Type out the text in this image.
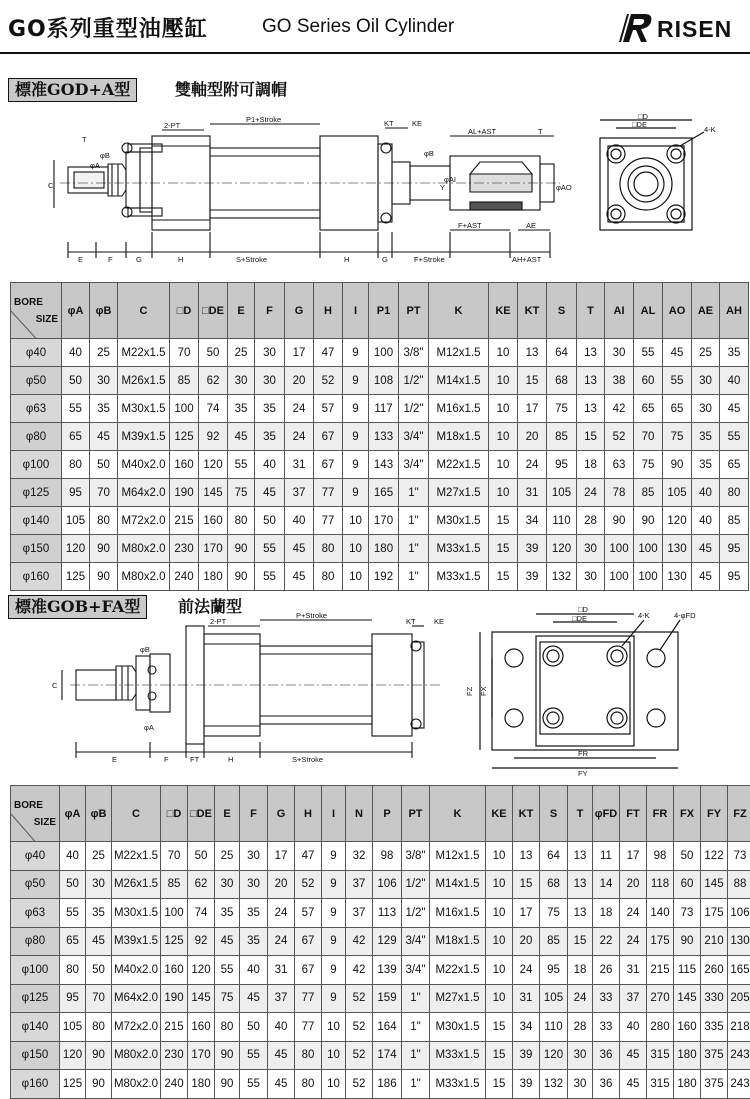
GO系列重型油壓缸	GO Series Oil Cylinder	RISEN
標准GOD+A型	雙軸型附可調帽
2-PT
P1+Stroke	KT KE
T
φB
φA
C	Y
φB
φAI
AL+AST	T
F+AST	AE
φAO
E	F	G	H	S+Stroke	H	G	F+Stroke	AH+AST
□D
□DE
4-K
SIZE
BORE	φA	φB	C	□D	□DE	E	F	G	H	I	P1	PT	K	KE	KT	S	T	AI	AL	AO	AE	AH
φ40	40	25	M22x1.5	70	50	25	30	17	47	9	100	3/8"	M12x1.5	10	13	64	13	30	55	45	25	35
φ50	50	30	M26x1.5	85	62	30	30	20	52	9	108	1/2"	M14x1.5	10	15	68	13	38	60	55	30	40
φ63	55	35	M30x1.5	100	74	35	35	24	57	9	117	1/2"	M16x1.5	10	17	75	13	42	65	65	30	45
φ80	65	45	M39x1.5	125	92	45	35	24	67	9	133	3/4"	M18x1.5	10	20	85	15	52	70	75	35	55
φ100	80	50	M40x2.0	160	120	55	40	31	67	9	143	3/4"	M22x1.5	10	24	95	18	63	75	90	35	65
φ125	95	70	M64x2.0	190	145	75	45	37	77	9	165	1"	M27x1.5	10	31	105	24	78	85	105	40	80
φ140	105	80	M72x2.0	215	160	80	50	40	77	10	170	1"	M30x1.5	15	34	110	28	90	90	120	40	85
φ150	120	90	M80x2.0	230	170	90	55	45	80	10	180	1"	M33x1.5	15	39	120	30	100	100	130	45	95
φ160	125	90	M80x2.0	240	180	90	55	45	80	10	192	1"	M33x1.5	15	39	132	30	100	100	130	45	95
標准GOB+FA型	前法蘭型
2-PT
P+Stroke
KT KE
φB
φA
C
E	F	FT	H	S+Stroke
□D
□DE	4-K	4-φFD
FZ FX
FR
FY
SIZE
BORE	φA	φB	C	□D	□DE	E	F	G	H	I	N	P	PT	K	KE	KT	S	T	φFD	FT	FR	FX	FY	FZ
φ40	40	25	M22x1.5	70	50	25	30	17	47	9	32	98	3/8"	M12x1.5	10	13	64	13	11	17	98	50	122	73
φ50	50	30	M26x1.5	85	62	30	30	20	52	9	37	106	1/2"	M14x1.5	10	15	68	13	14	20	118	60	145	88
φ63	55	35	M30x1.5	100	74	35	35	24	57	9	37	113	1/2"	M16x1.5	10	17	75	13	18	24	140	73	175	106
φ80	65	45	M39x1.5	125	92	45	35	24	67	9	42	129	3/4"	M18x1.5	10	20	85	15	22	24	175	90	210	130
φ100	80	50	M40x2.0	160	120	55	40	31	67	9	42	139	3/4"	M22x1.5	10	24	95	18	26	31	215	115	260	165
φ125	95	70	M64x2.0	190	145	75	45	37	77	9	52	159	1"	M27x1.5	10	31	105	24	33	37	270	145	330	205
φ140	105	80	M72x2.0	215	160	80	50	40	77	10	52	164	1"	M30x1.5	15	34	110	28	33	40	280	160	335	218
φ150	120	90	M80x2.0	230	170	90	55	45	80	10	52	174	1"	M33x1.5	15	39	120	30	36	45	315	180	375	243
φ160	125	90	M80x2.0	240	180	90	55	45	80	10	52	186	1"	M33x1.5	15	39	132	30	36	45	315	180	375	243
